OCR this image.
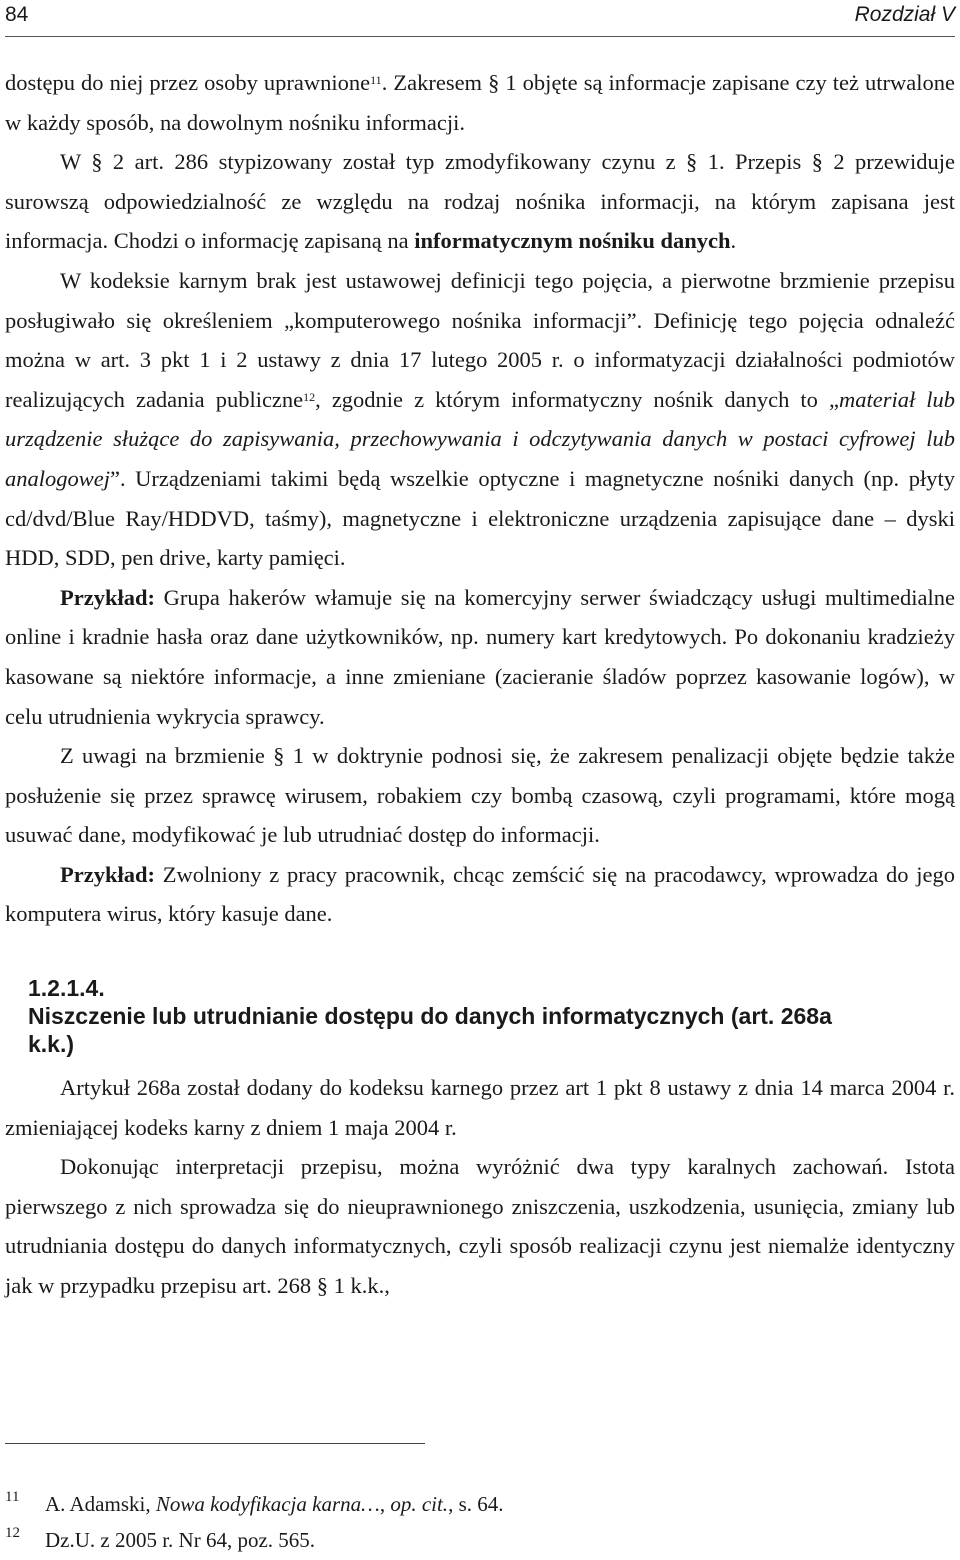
84	Rozdział V

dostępu do niej przez osoby uprawnione$^{11}$. Zakresem § 1 objęte są informacje zapisane czy też utrwalone w każdy sposób, na dowolnym nośniku informacji.

W § 2 art. 286 stypizowany został typ zmodyfikowany czynu z § 1. Przepis § 2 przewiduje surowszą odpowiedzialność ze względu na rodzaj nośnika informacji, na którym zapisana jest informacja. Chodzi o informację zapisaną na informatycznym nośniku danych.

W kodeksie karnym brak jest ustawowej definicji tego pojęcia, a pierwotne brzmienie przepisu posługiwało się określeniem „komputerowego nośnika informacji”. Definicję tego pojęcia odnaleźć można w art. 3 pkt 1 i 2 ustawy z dnia 17 lutego 2005 r. o informatyzacji działalności podmiotów realizujących zadania publiczne$^{12}$, zgodnie z którym informatyczny nośnik danych to „materiał lub urządzenie służące do zapisywania, przechowywania i odczytywania danych w postaci cyfrowej lub analogowej”. Urządzeniami takimi będą wszelkie optyczne i magnetyczne nośniki danych (np. płyty cd/dvd/Blue Ray/HDDVD, taśmy), magnetyczne i elektroniczne urządzenia zapisujące dane – dyski HDD, SDD, pen drive, karty pamięci.

Przykład: Grupa hakerów włamuje się na komercyjny serwer świadczący usługi multimedialne online i kradnie hasła oraz dane użytkowników, np. numery kart kredytowych. Po dokonaniu kradzieży kasowane są niektóre informacje, a inne zmieniane (zacieranie śladów poprzez kasowanie logów), w celu utrudnienia wykrycia sprawcy.

Z uwagi na brzmienie § 1 w doktrynie podnosi się, że zakresem penalizacji objęte będzie także posłużenie się przez sprawcę wirusem, robakiem czy bombą czasową, czyli programami, które mogą usuwać dane, modyfikować je lub utrudniać dostęp do informacji.

Przykład: Zwolniony z pracy pracownik, chcąc zemścić się na pracodawcy, wprowadza do jego komputera wirus, który kasuje dane.

1.2.1.4.Niszczenie lub utrudnianie dostępu do danych informatycznych (art. 268a k.k.)

Artykuł 268a został dodany do kodeksu karnego przez art 1 pkt 8 ustawy z dnia 14 marca 2004 r. zmieniającej kodeks karny z dniem 1 maja 2004 r.

Dokonując interpretacji przepisu, można wyróżnić dwa typy karalnych zachowań. Istota pierwszego z nich sprowadza się do nieuprawnionego zniszczenia, uszkodzenia, usunięcia, zmiany lub utrudniania dostępu do danych informatycznych, czyli sposób realizacji czynu jest niemalże identyczny jak w przypadku przepisu art. 268 § 1 k.k.,

11 A. Adamski, Nowa kodyfikacja karna…, op. cit., s. 64.
12 Dz.U. z 2005 r. Nr 64, poz. 565.
